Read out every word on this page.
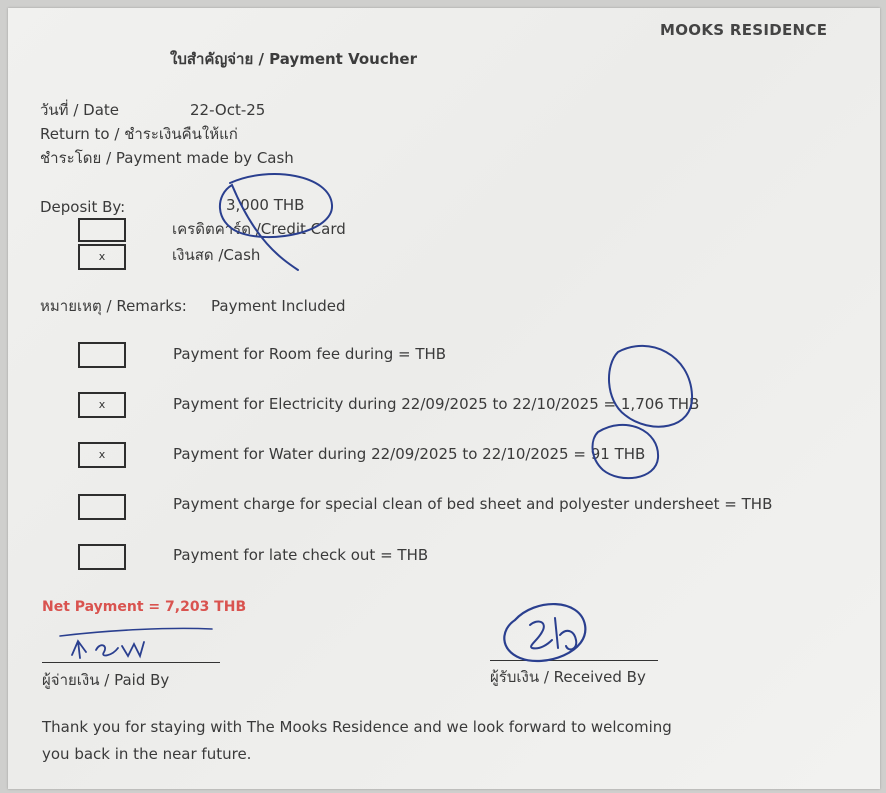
MOOKS RESIDENCE
ใบสำคัญจ่าย / Payment Voucher
วันที่ / Date	22-Oct-25
Return to / ชำระเงินคืนให้แก่
ชำระโดย / Payment made by Cash
Deposit By:	3,000 THB
เครดิตคาร์ด /Credit Card
x	เงินสด /Cash
หมายเหตุ / Remarks: Payment Included
Payment for Room fee during = THB
x	Payment for Electricity during 22/09/2025 to 22/10/2025 = 1,706 THB
x	Payment for Water during 22/09/2025 to 22/10/2025 = 91 THB
Payment charge for special clean of bed sheet and polyester undersheet = THB
Payment for late check out = THB
Net Payment = 7,203 THB
ผู้จ่ายเงิน / Paid By	ผู้รับเงิน / Received By
Thank you for staying with The Mooks Residence and we look forward to welcoming
you back in the near future.
